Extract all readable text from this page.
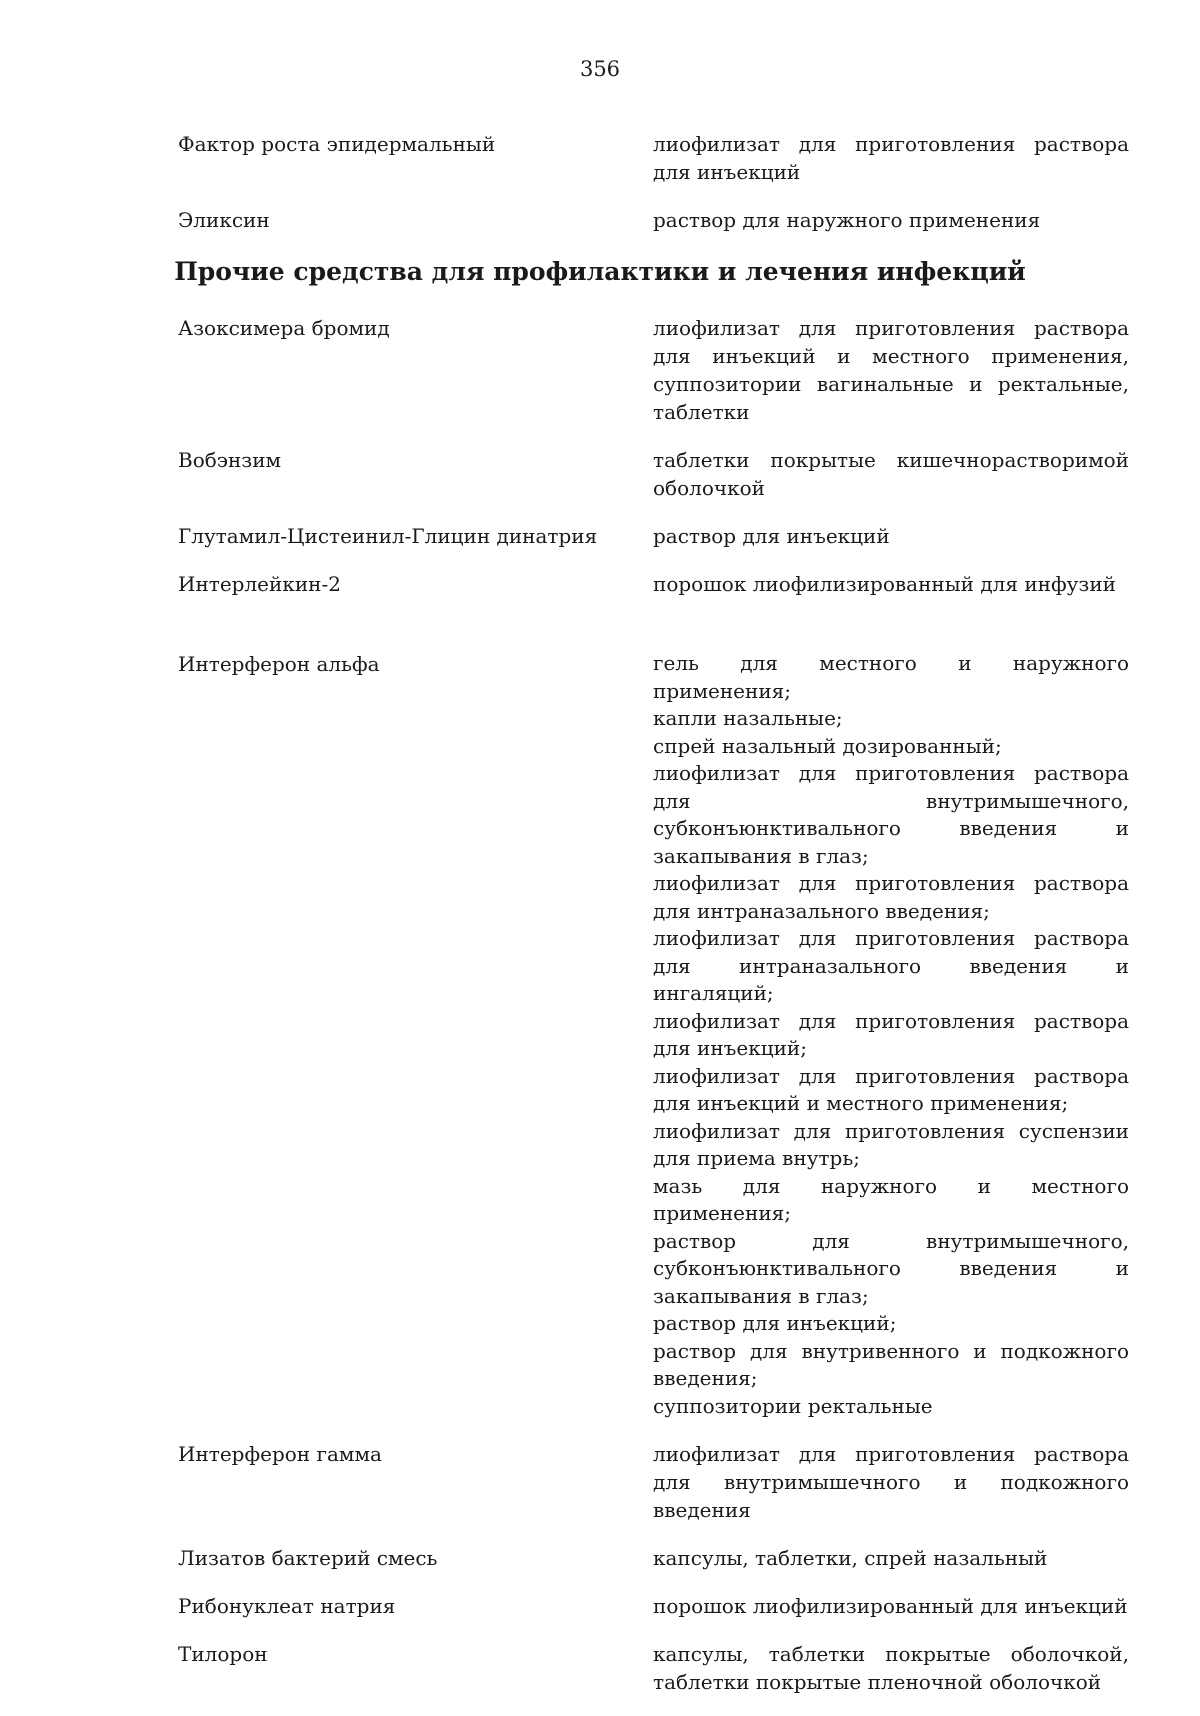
356
Фактор роста эпидермальный	лиофилизат для приготовления раствора для инъекций
Эликсин	раствор для наружного применения
Прочие средства для профилактики и лечения инфекций
Азоксимера бромид	лиофилизат для приготовления раствора для инъекций и местного применения, суппозитории вагинальные и ректальные, таблетки
Вобэнзим	таблетки покрытые кишечнорастворимой оболочкой
Глутамил-Цистеинил-Глицин динатрия	раствор для инъекций
Интерлейкин-2	порошок лиофилизированный для инфузий
Интерферон альфа	гель для местного и наружного применения;
капли назальные;
спрей назальный дозированный;
лиофилизат для приготовления раствора для внутримышечного, субконъюнктивального введения и закапывания в глаз;
лиофилизат для приготовления раствора для интраназального введения;
лиофилизат для приготовления раствора для интраназального введения и ингаляций;
лиофилизат для приготовления раствора для инъекций;
лиофилизат для приготовления раствора для инъекций и местного применения;
лиофилизат для приготовления суспензии для приема внутрь;
мазь для наружного и местного применения;
раствор для внутримышечного, субконъюнктивального введения и закапывания в глаз;
раствор для инъекций;
раствор для внутривенного и подкожного введения;
суппозитории ректальные
Интерферон гамма	лиофилизат для приготовления раствора для внутримышечного и подкожного введения
Лизатов бактерий смесь	капсулы, таблетки, спрей назальный
Рибонуклеат натрия	порошок лиофилизированный для инъекций
Тилорон	капсулы, таблетки покрытые оболочкой, таблетки покрытые пленочной оболочкой
